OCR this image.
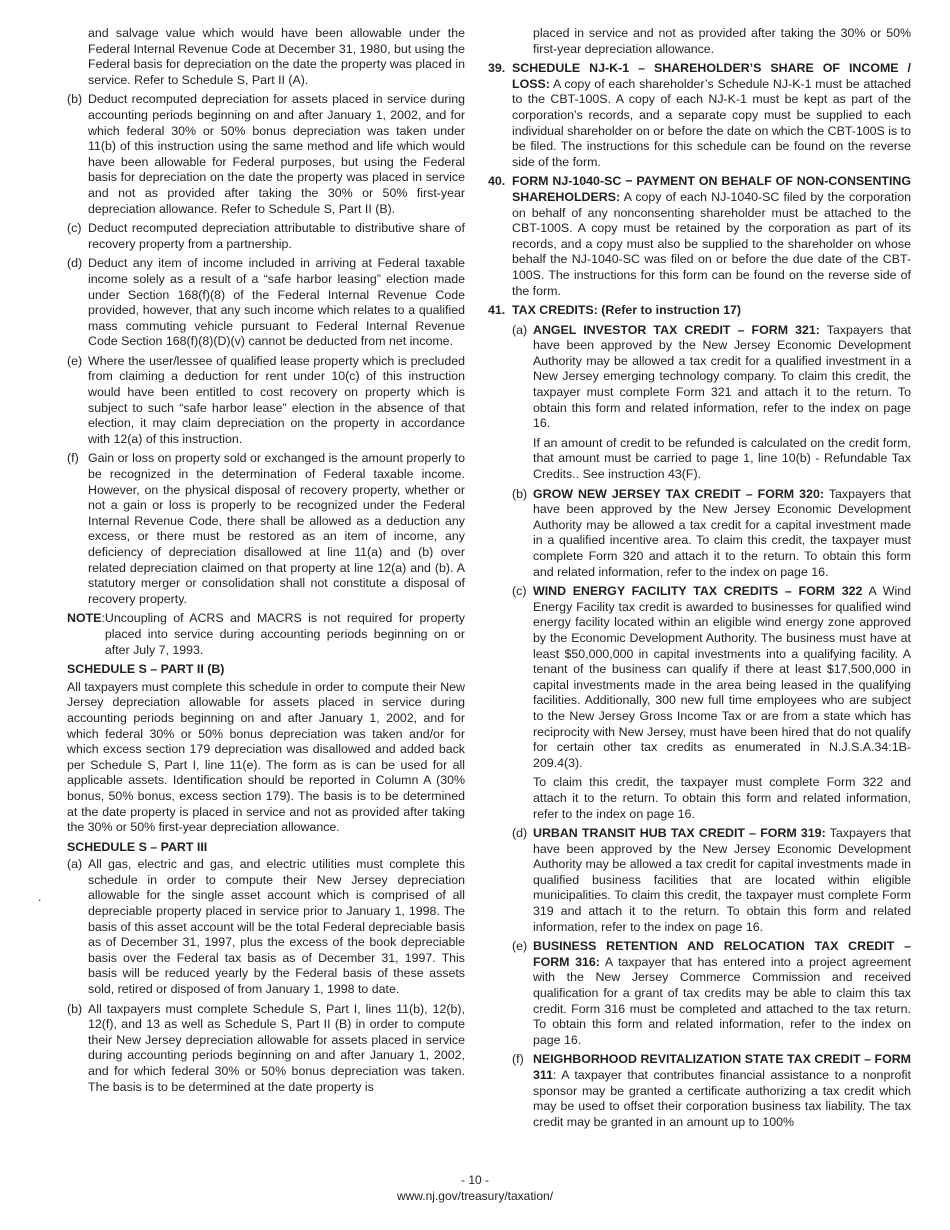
and salvage value which would have been allowable under the Federal Internal Revenue Code at December 31, 1980, but using the Federal basis for depreciation on the date the property was placed in service. Refer to Schedule S, Part II (A).
(b) Deduct recomputed depreciation for assets placed in service during accounting periods beginning on and after January 1, 2002, and for which federal 30% or 50% bonus depreciation was taken under 11(b) of this instruction using the same method and life which would have been allowable for Federal purposes, but using the Federal basis for depreciation on the date the property was placed in service and not as provided after taking the 30% or 50% first-year depreciation allowance. Refer to Schedule S, Part II (B).
(c) Deduct recomputed depreciation attributable to distributive share of recovery property from a partnership.
(d) Deduct any item of income included in arriving at Federal taxable income solely as a result of a “safe harbor leasing” election made under Section 168(f)(8) of the Federal Internal Revenue Code provided, however, that any such income which relates to a qualified mass commuting vehicle pursuant to Federal Internal Revenue Code Section 168(f)(8)(D)(v) cannot be deducted from net income.
(e) Where the user/lessee of qualified lease property which is precluded from claiming a deduction for rent under 10(c) of this instruction would have been entitled to cost recovery on property which is subject to such “safe harbor lease” election in the absence of that election, it may claim depreciation on the property in accordance with 12(a) of this instruction.
(f) Gain or loss on property sold or exchanged is the amount properly to be recognized in the determination of Federal taxable income. However, on the physical disposal of recovery property, whether or not a gain or loss is properly to be recognized under the Federal Internal Revenue Code, there shall be allowed as a deduction any excess, or there must be restored as an item of income, any deficiency of depreciation disallowed at line 11(a) and (b) over related depreciation claimed on that property at line 12(a) and (b). A statutory merger or consolidation shall not constitute a disposal of recovery property.
NOTE : Uncoupling of ACRS and MACRS is not required for property placed into service during accounting periods beginning on or after July 7, 1993.
SCHEDULE S – PART II (B)
All taxpayers must complete this schedule in order to compute their New Jersey depreciation allowable for assets placed in service during accounting periods beginning on and after January 1, 2002, and for which federal 30% or 50% bonus depreciation was taken and/or for which excess section 179 depreciation was disallowed and added back per Schedule S, Part I, line 11(e). The form as is can be used for all applicable assets. Identification should be reported in Column A (30% bonus, 50% bonus, excess section 179). The basis is to be determined at the date property is placed in service and not as provided after taking the 30% or 50% first-year depreciation allowance.
SCHEDULE S – PART III
(a) All gas, electric and gas, and electric utilities must complete this schedule in order to compute their New Jersey depreciation allowable for the single asset account which is comprised of all depreciable property placed in service prior to January 1, 1998. The basis of this asset account will be the total Federal depreciable basis as of December 31, 1997, plus the excess of the book depreciable basis over the Federal tax basis as of December 31, 1997. This basis will be reduced yearly by the Federal basis of these assets sold, retired or disposed of from January 1, 1998 to date.
(b) All taxpayers must complete Schedule S, Part I, lines 11(b), 12(b), 12(f), and 13 as well as Schedule S, Part II (B) in order to compute their New Jersey depreciation allowable for assets placed in service during accounting periods beginning on and after January 1, 2002, and for which federal 30% or 50% bonus depreciation was taken. The basis is to be determined at the date property is
.
placed in service and not as provided after taking the 30% or 50% first-year depreciation allowance.
39. SCHEDULE NJ-K-1 – SHAREHOLDER’S SHARE OF INCOME / LOSS: A copy of each shareholder’s Schedule NJ-K-1 must be attached to the CBT-100S. A copy of each NJ-K-1 must be kept as part of the corporation’s records, and a separate copy must be supplied to each individual shareholder on or before the date on which the CBT-100S is to be filed. The instructions for this schedule can be found on the reverse side of the form.
40. FORM NJ-1040-SC − PAYMENT ON BEHALF OF NON-CONSENTING SHAREHOLDERS: A copy of each NJ-1040-SC filed by the corporation on behalf of any nonconsenting shareholder must be attached to the CBT-100S. A copy must be retained by the corporation as part of its records, and a copy must also be supplied to the shareholder on whose behalf the NJ-1040-SC was filed on or before the due date of the CBT-100S. The instructions for this form can be found on the reverse side of the form.
41. TAX CREDITS: (Refer to instruction 17)
(a) ANGEL INVESTOR TAX CREDIT – FORM 321: Taxpayers that have been approved by the New Jersey Economic Development Authority may be allowed a tax credit for a qualified investment in a New Jersey emerging technology company. To claim this credit, the taxpayer must complete Form 321 and attach it to the return. To obtain this form and related information, refer to the index on page 16.
If an amount of credit to be refunded is calculated on the credit form, that amount must be carried to page 1, line 10(b) - Refundable Tax Credits.. See instruction 43(F).
(b) GROW NEW JERSEY TAX CREDIT – FORM 320: Taxpayers that have been approved by the New Jersey Economic Development Authority may be allowed a tax credit for a capital investment made in a qualified incentive area. To claim this credit, the taxpayer must complete Form 320 and attach it to the return. To obtain this form and related information, refer to the index on page 16.
(c) WIND ENERGY FACILITY TAX CREDITS – FORM 322 A Wind Energy Facility tax credit is awarded to businesses for qualified wind energy facility located within an eligible wind energy zone approved by the Economic Development Authority. The business must have at least $50,000,000 in capital investments into a qualifying facility. A tenant of the business can qualify if there at least $17,500,000 in capital investments made in the area being leased in the qualifying facilities. Additionally, 300 new full time employees who are subject to the New Jersey Gross Income Tax or are from a state which has reciprocity with New Jersey, must have been hired that do not qualify for certain other tax credits as enumerated in N.J.S.A.34:1B-209.4(3).
To claim this credit, the taxpayer must complete Form 322 and attach it to the return. To obtain this form and related information, refer to the index on page 16.
(d) URBAN TRANSIT HUB TAX CREDIT – FORM 319: Taxpayers that have been approved by the New Jersey Economic Development Authority may be allowed a tax credit for capital investments made in qualified business facilities that are located within eligible municipalities. To claim this credit, the taxpayer must complete Form 319 and attach it to the return. To obtain this form and related information, refer to the index on page 16.
(e) BUSINESS RETENTION AND RELOCATION TAX CREDIT – FORM 316: A taxpayer that has entered into a project agreement with the New Jersey Commerce Commission and received qualification for a grant of tax credits may be able to claim this tax credit. Form 316 must be completed and attached to the tax return. To obtain this form and related information, refer to the index on page 16.
(f) NEIGHBORHOOD REVITALIZATION STATE TAX CREDIT – FORM 311: A taxpayer that contributes financial assistance to a nonprofit sponsor may be granted a certificate authorizing a tax credit which may be used to offset their corporation business tax liability. The tax credit may be granted in an amount up to 100%
- 10 -
www.nj.gov/treasury/taxation/
